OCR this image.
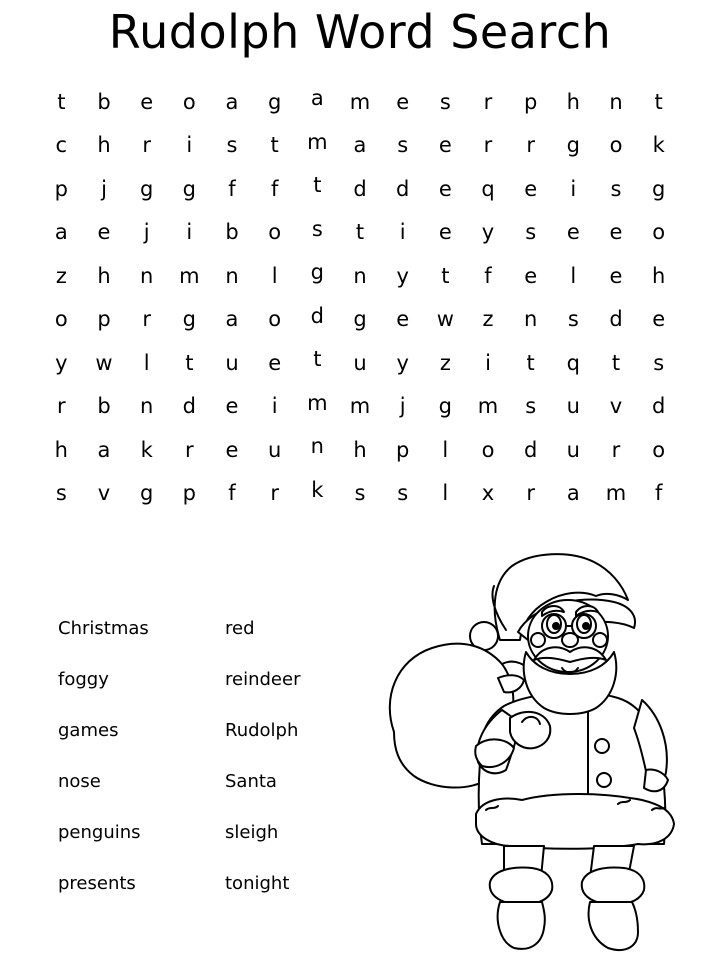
Rudolph Word Search
t	b	e	o	a	g	a	m	e	s	r	p	h	n	t
c	h	r	i	s	t	m	a	s	e	r	r	g	o	k
p	j	g	g	f	f	t	d	d	e	q	e	i	s	g
a	e	j	i	b	o	s	t	i	e	y	s	e	e	o
z	h	n	m	n	l	g	n	y	t	f	e	l	e	h
o	p	r	g	a	o	d	g	e	w	z	n	s	d	e
y	w	l	t	u	e	t	u	y	z	i	t	q	t	s
r	b	n	d	e	i	m	m	j	g	m	s	u	v	d
h	a	k	r	e	u	n	h	p	l	o	d	u	r	o
s	v	g	p	f	r	k	s	s	l	x	r	a	m	f
Christmas
foggy
games
nose
penguins
presents
red
reindeer
Rudolph
Santa
sleigh
tonight
